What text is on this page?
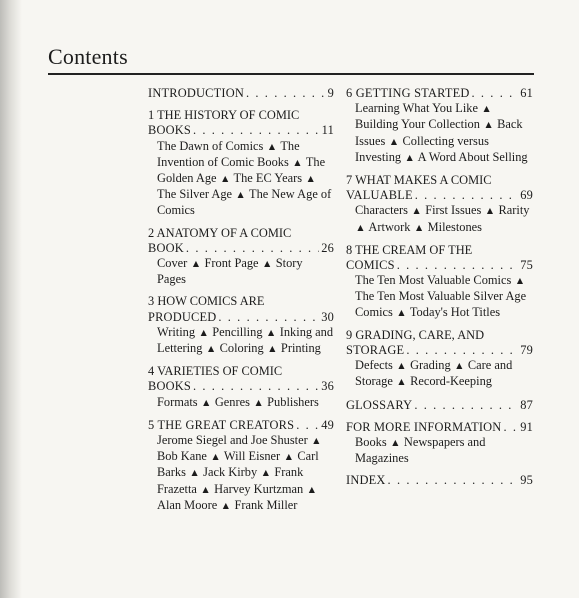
Contents
INTRODUCTION . . .	9
1 THE HISTORY OF COMIC
BOOKS . . .	11
The Dawn of Comics ▲ The Invention of Comic Books ▲ The Golden Age ▲ The EC Years ▲ The Silver Age ▲ The New Age of Comics
2 ANATOMY OF A COMIC
BOOK . . .	26
Cover ▲ Front Page ▲ Story Pages
3 HOW COMICS ARE
PRODUCED . . .	30
Writing ▲ Pencilling ▲ Inking and Lettering ▲ Coloring ▲ Printing
4 VARIETIES OF COMIC
BOOKS . . .	36
Formats ▲ Genres ▲ Publishers
5 THE GREAT CREATORS . . . 49
Jerome Siegel and Joe Shuster ▲ Bob Kane ▲ Will Eisner ▲ Carl Barks ▲ Jack Kirby ▲ Frank Frazetta ▲ Harvey Kurtzman ▲ Alan Moore ▲ Frank Miller
6 GETTING STARTED . . .	61
Learning What You Like ▲ Building Your Collection ▲ Back Issues ▲ Collecting versus Investing ▲ A Word About Selling
7 WHAT MAKES A COMIC
VALUABLE . . .	69
Characters ▲ First Issues ▲ Rarity ▲ Artwork ▲ Milestones
8 THE CREAM OF THE
COMICS . . .	75
The Ten Most Valuable Comics ▲ The Ten Most Valuable Silver Age Comics ▲ Today's Hot Titles
9 GRADING, CARE, AND
STORAGE . . .	79
Defects ▲ Grading ▲ Care and Storage ▲ Record-Keeping
GLOSSARY . . .	87
FOR MORE INFORMATION . . . 91
Books ▲ Newspapers and Magazines
INDEX . . .	95
